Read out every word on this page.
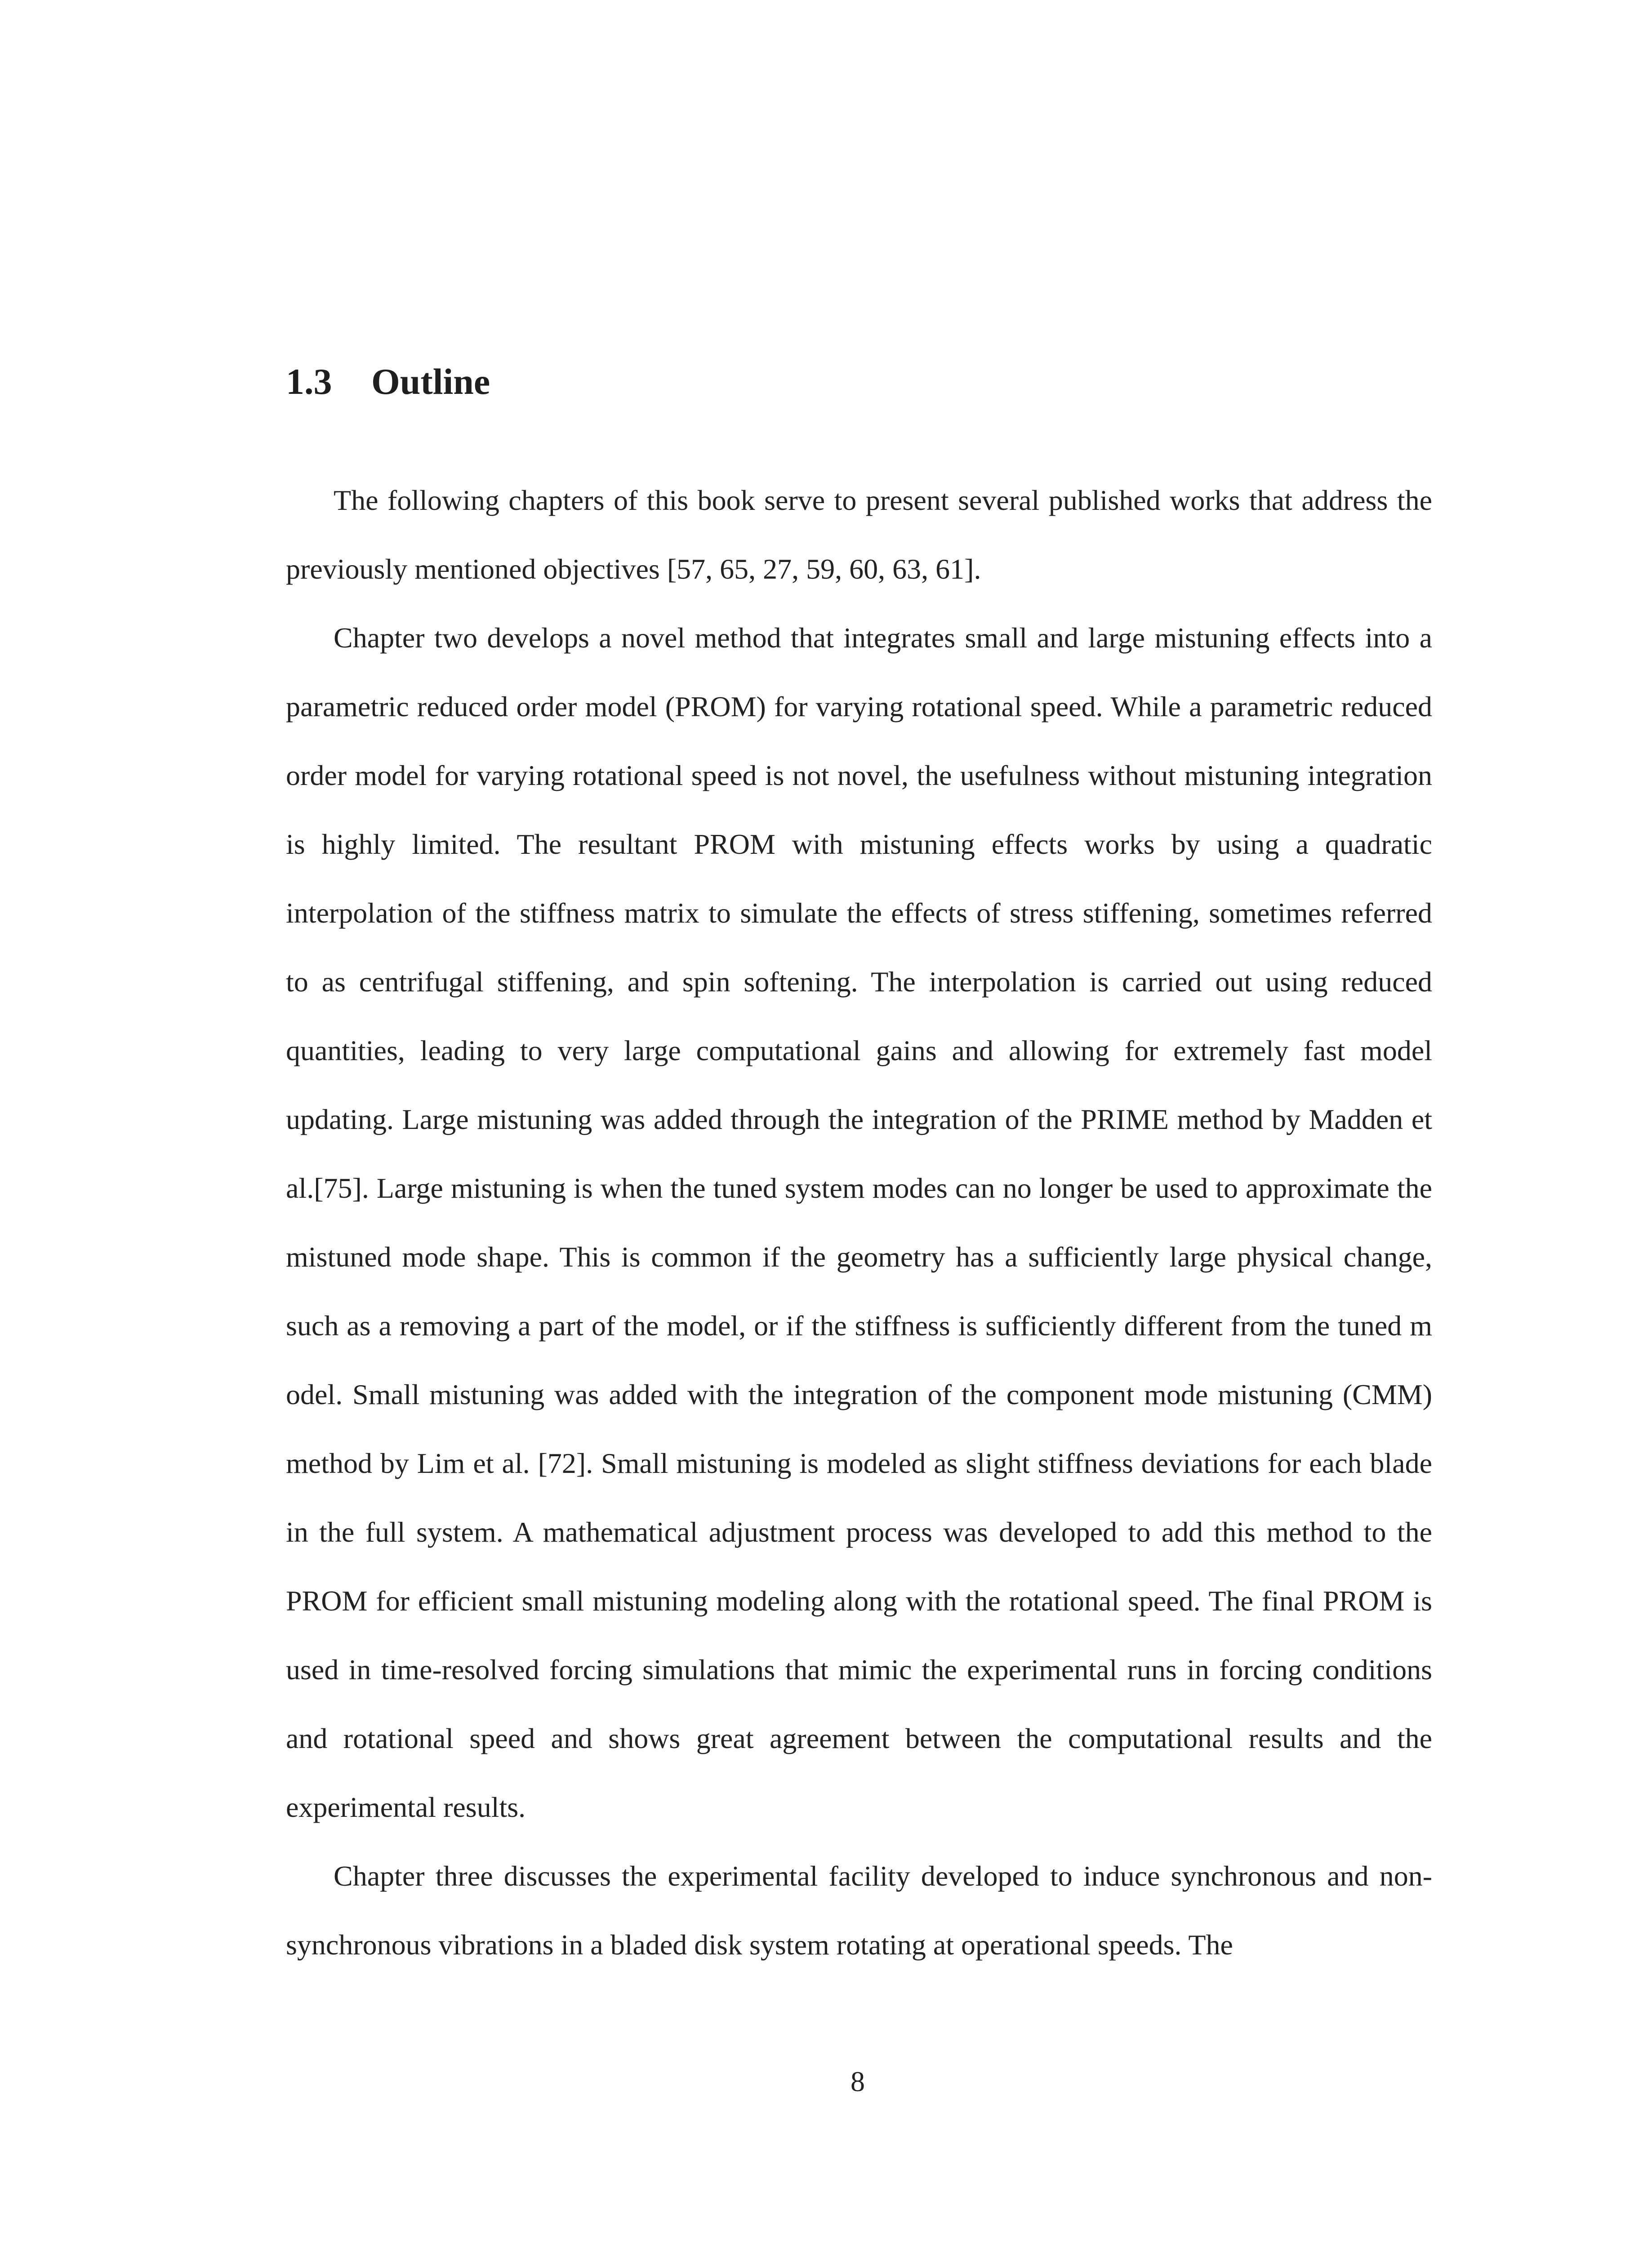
1.3 Outline

The following chapters of this book serve to present several published works that address the previously mentioned objectives [57, 65, 27, 59, 60, 63, 61].

Chapter two develops a novel method that integrates small and large mistuning effects into a parametric reduced order model (PROM) for varying rotational speed. While a parametric reduced order model for varying rotational speed is not novel, the usefulness without mistuning integration is highly limited. The resultant PROM with mistuning effects works by using a quadratic interpolation of the stiffness matrix to simulate the effects of stress stiffening, sometimes referred to as centrifugal stiffening, and spin softening. The interpolation is carried out using reduced quantities, leading to very large computational gains and allowing for extremely fast model updating. Large mistuning was added through the integration of the PRIME method by Madden et al.[75]. Large mistuning is when the tuned system modes can no longer be used to approximate the mistuned mode shape. This is common if the geometry has a sufficiently large physical change, such as a removing a part of the model, or if the stiffness is sufficiently different from the tuned m odel. Small mistuning was added with the integration of the component mode mistuning (CMM) method by Lim et al. [72]. Small mistuning is modeled as slight stiffness deviations for each blade in the full system. A mathematical adjustment process was developed to add this method to the PROM for efficient small mistuning modeling along with the rotational speed. The final PROM is used in time-resolved forcing simulations that mimic the experimental runs in forcing conditions and rotational speed and shows great agreement between the computational results and the experimental results.

Chapter three discusses the experimental facility developed to induce synchronous and non-synchronous vibrations in a bladed disk system rotating at operational speeds. The

8
